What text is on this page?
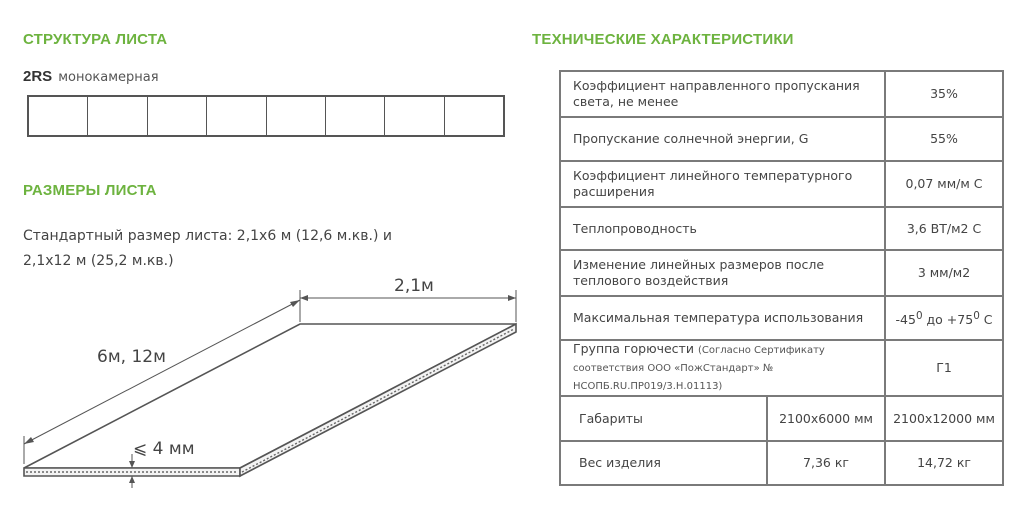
СТРУКТУРА ЛИСТА
2RS монокамерная
РАЗМЕРЫ ЛИСТА
Стандартный размер листа: 2,1х6 м (12,6 м.кв.) и
2,1х12 м (25,2 м.кв.)
2,1м
6м, 12м
⩽ 4 мм
ТЕХНИЧЕСКИЕ ХАРАКТЕРИСТИКИ
Коэффициент направленного пропускания света, не менее		35%
Пропускание солнечной энергии, G		55%
Коэффициент линейного температурного расширения		0,07 мм/м С
Теплопроводность		3,6 ВТ/м2 С
Изменение линейных размеров после теплового воздействия		3 мм/м2
Максимальная температура использования		$-45^0$ до $+75^0$ С
Группа горючести (Согласно Сертификату соответствия ООО «ПожСтандарт» № НСОПБ.RU.ПР019/3.Н.01113)		Г1
Габариты	2100х6000 мм	2100х12000 мм
Вес изделия	7,36 кг	14,72 кг
